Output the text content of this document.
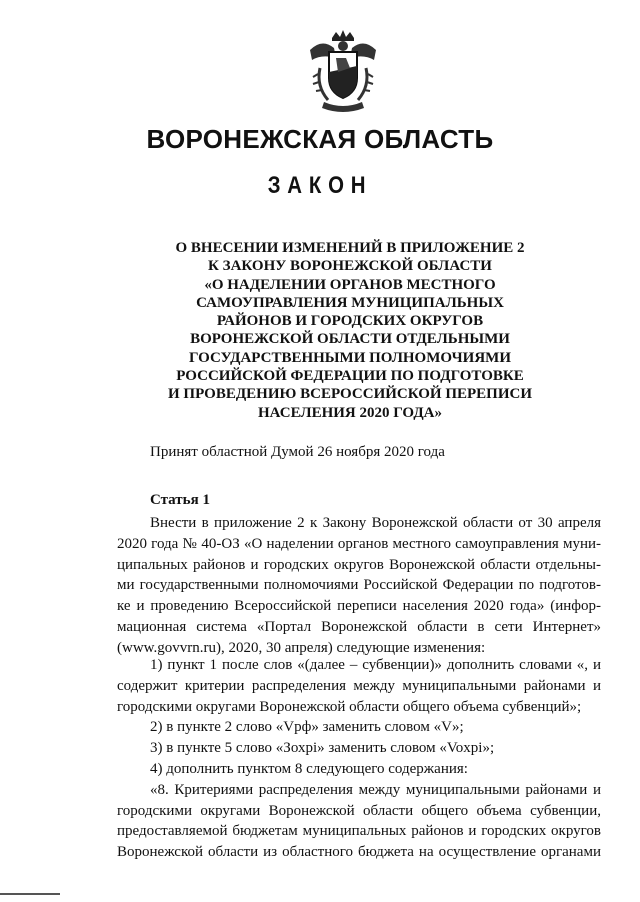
ВОРОНЕЖСКАЯ ОБЛАСТЬ
ЗАКОН
О ВНЕСЕНИИ ИЗМЕНЕНИЙ В ПРИЛОЖЕНИЕ 2
К ЗАКОНУ ВОРОНЕЖСКОЙ ОБЛАСТИ
«О НАДЕЛЕНИИ ОРГАНОВ МЕСТНОГО
САМОУПРАВЛЕНИЯ МУНИЦИПАЛЬНЫХ
РАЙОНОВ И ГОРОДСКИХ ОКРУГОВ
ВОРОНЕЖСКОЙ ОБЛАСТИ ОТДЕЛЬНЫМИ
ГОСУДАРСТВЕННЫМИ ПОЛНОМОЧИЯМИ
РОССИЙСКОЙ ФЕДЕРАЦИИ ПО ПОДГОТОВКЕ
И ПРОВЕДЕНИЮ ВСЕРОССИЙСКОЙ ПЕРЕПИСИ
НАСЕЛЕНИЯ 2020 ГОДА»

Принят областной Думой 26 ноября 2020 года

Статья 1

Внести в приложение 2 к Закону Воронежской области от 30 апреля
2020 года № 40-ОЗ «О наделении органов местного самоуправления муни-
ципальных районов и городских округов Воронежской области отдельны-
ми государственными полномочиями Российской Федерации по подготов-
ке и проведению Всероссийской переписи населения 2020 года» (инфор-
мационная система «Портал Воронежской области в сети Интернет»
(www.govvrn.ru), 2020, 30 апреля) следующие изменения:
1) пункт 1 после слов «(далее – субвенции)» дополнить словами «, и
содержит критерии распределения между муниципальными районами и
городскими округами Воронежской области общего объема субвенций»;
2) в пункте 2 слово «Vрф» заменить словом «V»;
3) в пункте 5 слово «Зохрі» заменить словом «Voxpi»;
4) дополнить пунктом 8 следующего содержания:
«8. Критериями распределения между муниципальными районами и
городскими округами Воронежской области общего объема субвенции,
предоставляемой бюджетам муниципальных районов и городских округов
Воронежской области из областного бюджета на осуществление органами
